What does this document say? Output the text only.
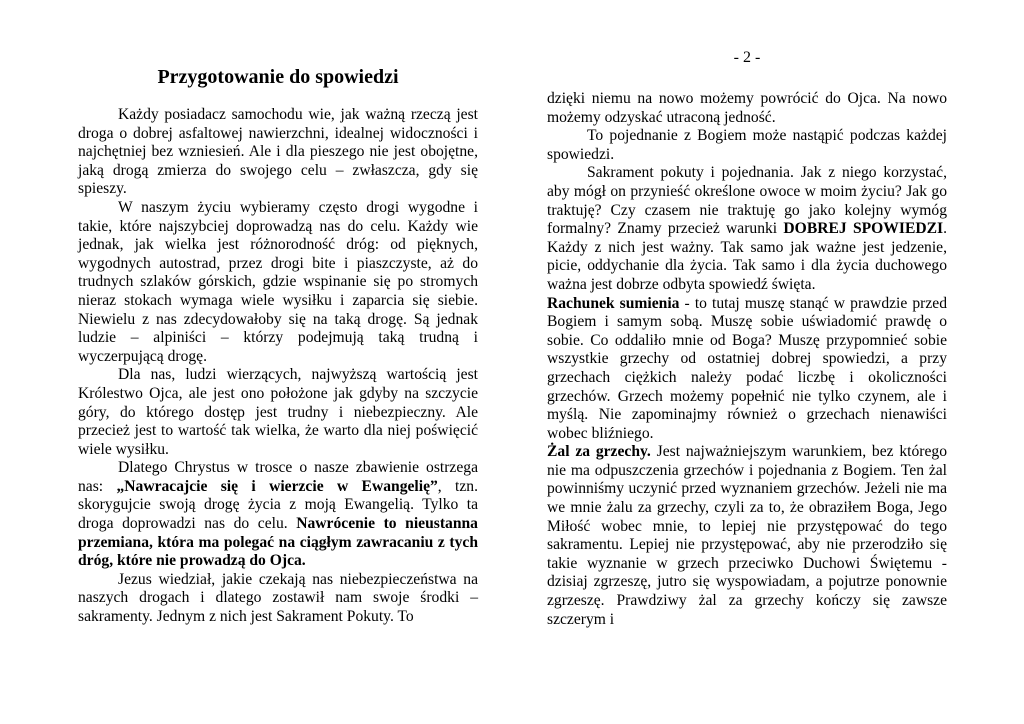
Przygotowanie do spowiedzi

Każdy posiadacz samochodu wie, jak ważną rzeczą jest droga o dobrej asfaltowej nawierzchni, idealnej widoczności i najchętniej bez wzniesień. Ale i dla pieszego nie jest obojętne, jaką drogą zmierza do swojego celu – zwłaszcza, gdy się spieszy.

W naszym życiu wybieramy często drogi wygodne i takie, które najszybciej doprowadzą nas do celu. Każdy wie jednak, jak wielka jest różnorodność dróg: od pięknych, wygodnych autostrad, przez drogi bite i piaszczyste, aż do trudnych szlaków górskich, gdzie wspinanie się po stromych nieraz stokach wymaga wiele wysiłku i zaparcia się siebie. Niewielu z nas zdecydowałoby się na taką drogę. Są jednak ludzie – alpiniści – którzy podejmują taką trudną i wyczerpującą drogę.

Dla nas, ludzi wierzących, najwyższą wartością jest Królestwo Ojca, ale jest ono położone jak gdyby na szczycie góry, do którego dostęp jest trudny i niebezpieczny. Ale przecież jest to wartość tak wielka, że warto dla niej poświęcić wiele wysiłku.

Dlatego Chrystus w trosce o nasze zbawienie ostrzega nas: „Nawracajcie się i wierzcie w Ewangelię”, tzn. skorygujcie swoją drogę życia z moją Ewangelią. Tylko ta droga doprowadzi nas do celu. Nawrócenie to nieustanna przemiana, która ma polegać na ciągłym zawracaniu z tych dróg, które nie prowadzą do Ojca.

Jezus wiedział, jakie czekają nas niebezpieczeństwa na naszych drogach i dlatego zostawił nam swoje środki – sakramenty. Jednym z nich jest Sakrament Pokuty. To

- 2 -

dzięki niemu na nowo możemy powrócić do Ojca. Na nowo możemy odzyskać utraconą jedność.

To pojednanie z Bogiem może nastąpić podczas każdej spowiedzi.

Sakrament pokuty i pojednania. Jak z niego korzystać, aby mógł on przynieść określone owoce w moim życiu? Jak go traktuję? Czy czasem nie traktuję go jako kolejny wymóg formalny? Znamy przecież warunki DOBREJ SPOWIEDZI. Każdy z nich jest ważny. Tak samo jak ważne jest jedzenie, picie, oddychanie dla życia. Tak samo i dla życia duchowego ważna jest dobrze odbyta spowiedź święta.

Rachunek sumienia - to tutaj muszę stanąć w prawdzie przed Bogiem i samym sobą. Muszę sobie uświadomić prawdę o sobie. Co oddaliło mnie od Boga? Muszę przypomnieć sobie wszystkie grzechy od ostatniej dobrej spowiedzi, a przy grzechach ciężkich należy podać liczbę i okoliczności grzechów. Grzech możemy popełnić nie tylko czynem, ale i myślą. Nie zapominajmy również o grzechach nienawiści wobec bliźniego.

Żal za grzechy. Jest najważniejszym warunkiem, bez którego nie ma odpuszczenia grzechów i pojednania z Bogiem. Ten żal powinniśmy uczynić przed wyznaniem grzechów. Jeżeli nie ma we mnie żalu za grzechy, czyli za to, że obraziłem Boga, Jego Miłość wobec mnie, to lepiej nie przystępować do tego sakramentu. Lepiej nie przystępować, aby nie przerodziło się takie wyznanie w grzech przeciwko Duchowi Świętemu - dzisiaj zgrzeszę, jutro się wyspowiadam, a pojutrze ponownie zgrzeszę. Prawdziwy żal za grzechy kończy się zawsze szczerym i
